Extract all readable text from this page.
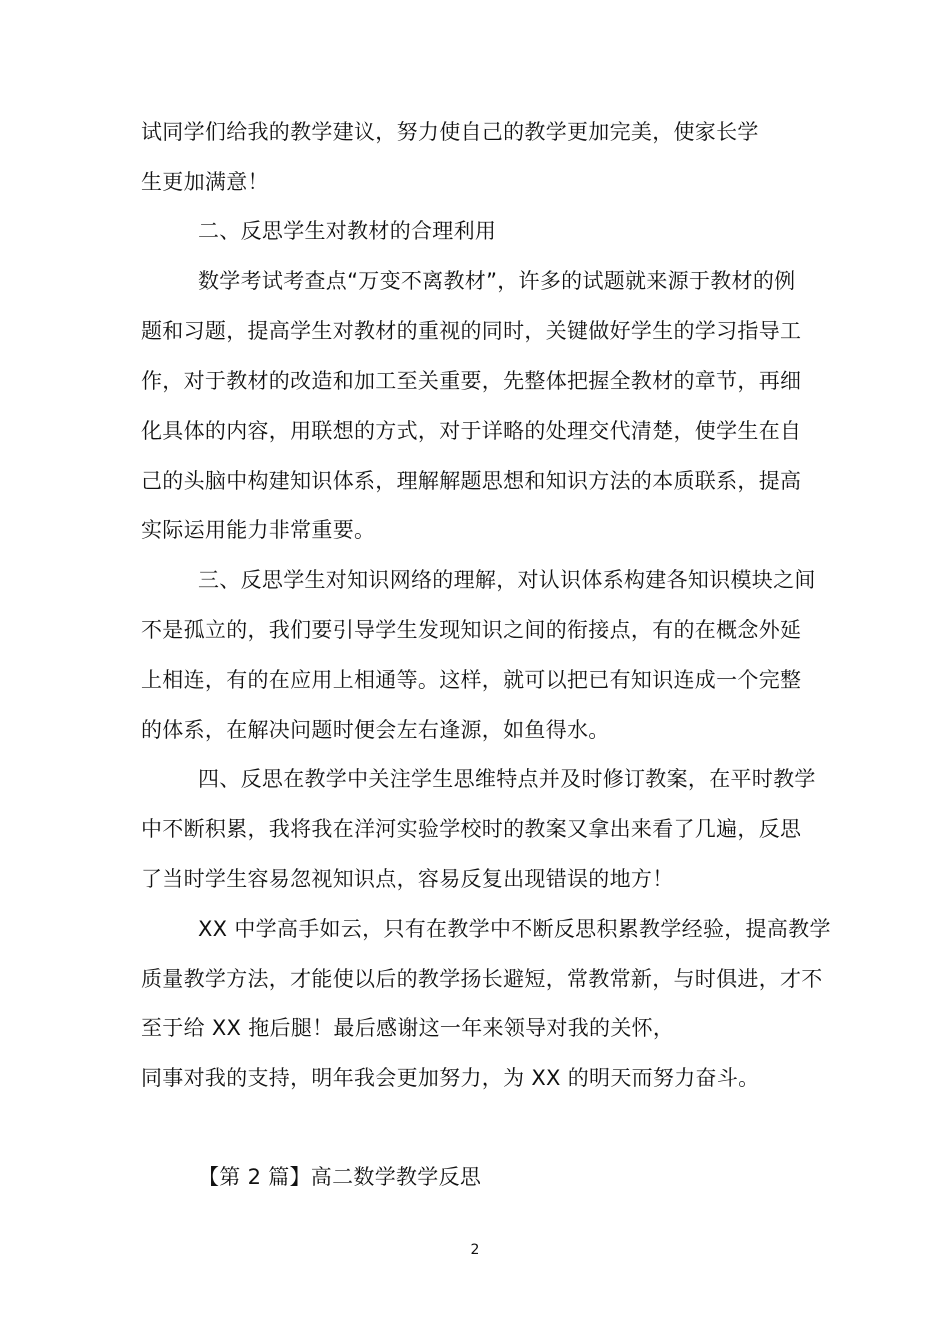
试同学们给我的教学建议，努力使自己的教学更加完美，使家长学
生更加满意！
二、反思学生对教材的合理利用
数学考试考查点“万变不离教材”，许多的试题就来源于教材的例
题和习题，提高学生对教材的重视的同时，关键做好学生的学习指导工
作，对于教材的改造和加工至关重要，先整体把握全教材的章节，再细
化具体的内容，用联想的方式，对于详略的处理交代清楚，使学生在自
己的头脑中构建知识体系，理解解题思想和知识方法的本质联系，提高
实际运用能力非常重要。
三、反思学生对知识网络的理解，对认识体系构建各知识模块之间
不是孤立的，我们要引导学生发现知识之间的衔接点，有的在概念外延
上相连，有的在应用上相通等。这样，就可以把已有知识连成一个完整
的体系，在解决问题时便会左右逢源，如鱼得水。
四、反思在教学中关注学生思维特点并及时修订教案，在平时教学
中不断积累，我将我在洋河实验学校时的教案又拿出来看了几遍，反思
了当时学生容易忽视知识点，容易反复出现错误的地方！
XX 中学高手如云，只有在教学中不断反思积累教学经验，提高教学
质量教学方法，才能使以后的教学扬长避短，常教常新，与时俱进，才不
至于给 XX 拖后腿！最后感谢这一年来领导对我的关怀，
同事对我的支持，明年我会更加努力，为 XX 的明天而努力奋斗。
【第 2 篇】高二数学教学反思
2
